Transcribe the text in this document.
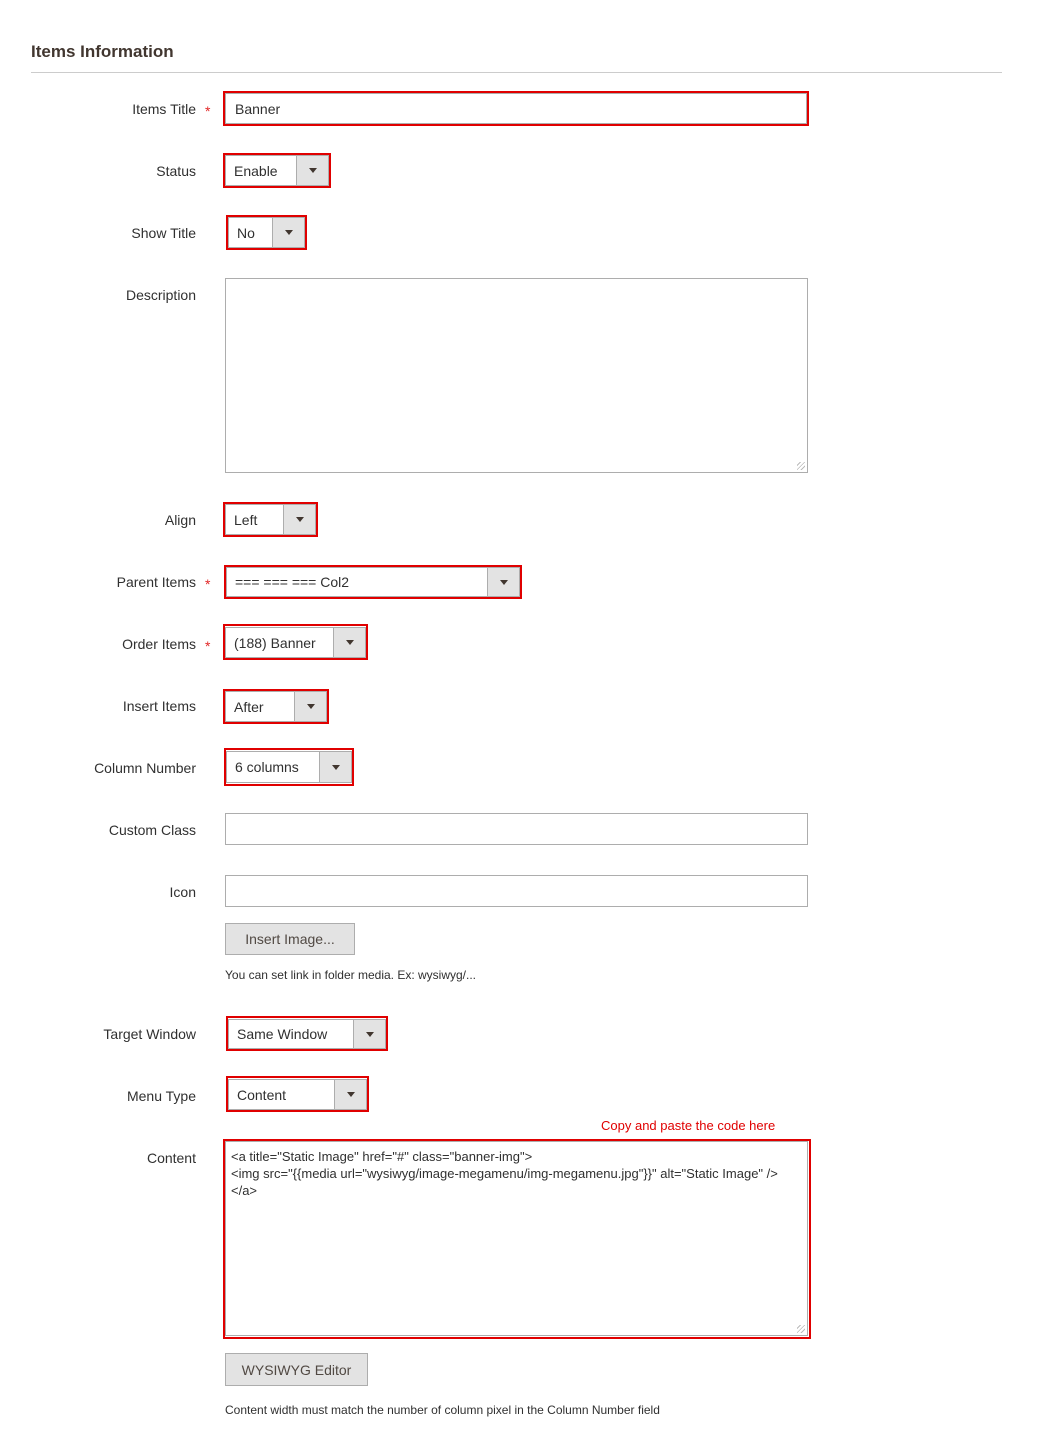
Items Information
Items Title *	Banner
Status	Enable
Show Title	No
Description
Align	Left
Parent Items *	=== === === Col2
Order Items *	(188) Banner
Insert Items	After
Column Number	6 columns
Custom Class
Icon
Insert Image...
You can set link in folder media. Ex: wysiwyg/...
Target Window	Same Window
Menu Type	Content
Copy and paste the code here
Content	<a title="Static Image" href="#" class="banner-img">
<img src="{{media url="wysiwyg/image-megamenu/img-megamenu.jpg"}}" alt="Static Image" />
</a>
WYSIWYG Editor
Content width must match the number of column pixel in the Column Number field
